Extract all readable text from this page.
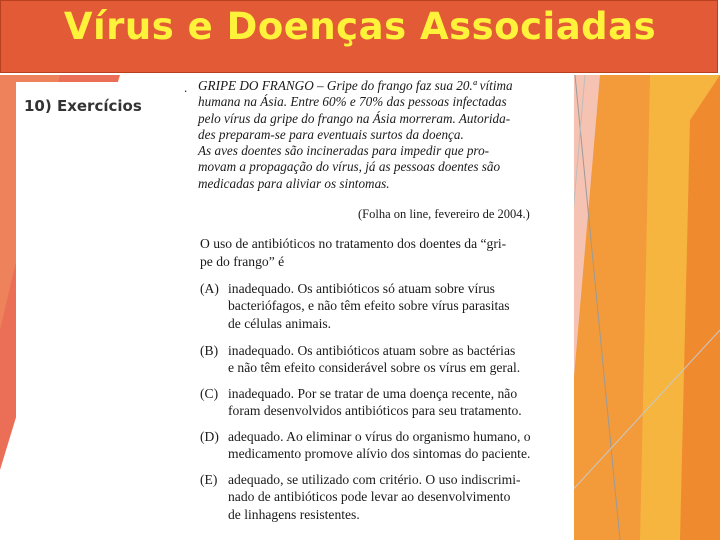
Vírus e Doenças Associadas
10) Exercícios
. GRIPE DO FRANGO – Gripe do frango faz sua 20.ª vítima
humana na Ásia. Entre 60% e 70% das pessoas infectadas
pelo vírus da gripe do frango na Ásia morreram. Autorida-
des preparam-se para eventuais surtos da doença.
As aves doentes são incineradas para impedir que pro-
movam a propagação do vírus, já as pessoas doentes são
medicadas para aliviar os sintomas.
(Folha on line, fevereiro de 2004.)
O uso de antibióticos no tratamento dos doentes da “gri-
pe do frango” é
(A) inadequado. Os antibióticos só atuam sobre vírus
bacteriófagos, e não têm efeito sobre vírus parasitas
de células animais.
(B) inadequado. Os antibióticos atuam sobre as bactérias
e não têm efeito considerável sobre os vírus em geral.
(C) inadequado. Por se tratar de uma doença recente, não
foram desenvolvidos antibióticos para seu tratamento.
(D) adequado. Ao eliminar o vírus do organismo humano, o
medicamento promove alívio dos sintomas do paciente.
(E) adequado, se utilizado com critério. O uso indiscrimi-
nado de antibióticos pode levar ao desenvolvimento
de linhagens resistentes.
